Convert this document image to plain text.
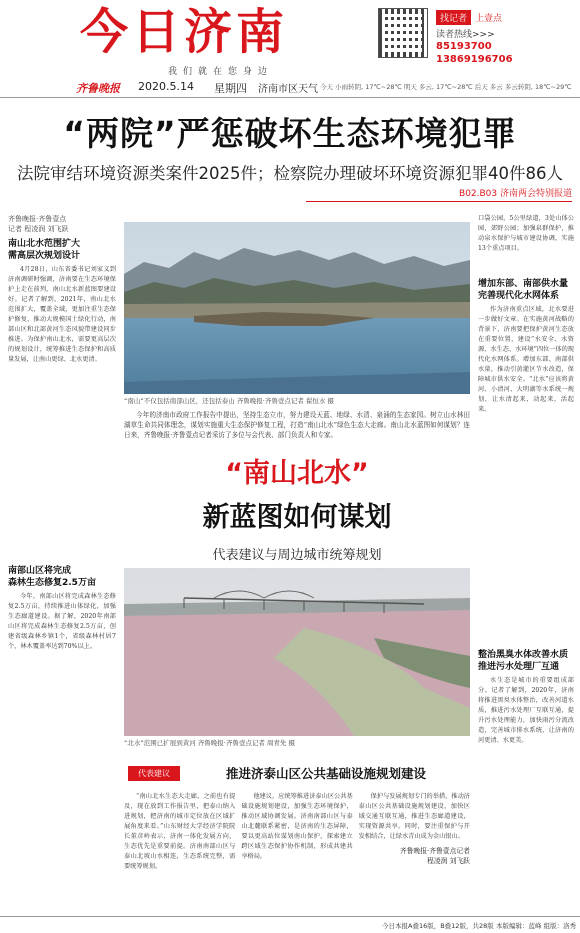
今日济南
我们就在您身边
找记者 上壹点
读者热线>>>
85193700
13869196706
齐鲁晚报 2020.5.14 星期四 济南市区天气 今天 小雨转阴, 17℃~28℃ 明天 多云, 17℃~28℃ 后天 多云 多云转阴, 18℃~29℃
“两院”严惩破坏生态环境犯罪
法院审结环境资源类案件2025件；检察院办理破坏环境资源犯罪40件86人
B02.B03 济南两会特别报道
齐鲁晚报·齐鲁壹点
记者 程凌润 刘飞跃
南山北水范围扩大
需高层次规划设计
4月28日，山东省委书记刘家义到济南调研时强调，济南要在生态环境保护上走在前列，南山北水新蓝图要建设好。记者了解到，2021年，南山北水范围扩大，覆盖全域，更加注重生态保护修复，推动大规模国土绿化行动，南部山区和北部黄河生态风貌带建设同步推进。为保护南山北水，需要更高层次的规划设计，统筹推进生态保护和高质量发展，让南山更绿、北水更清。
南部山区将完成
森林生态修复2.5万亩
今年，南部山区将完成森林生态修复2.5万亩，持续推进山体绿化，加强生态廊道建设。据了解，2020年南部山区将完成森林生态修复2.5万亩，创建省级森林乡镇1个，省级森林村居7个，林木覆盖率达到70%以上。
“南山”不仅包括南部山区，还包括泰山 齐鲁晚报·齐鲁壹点记者 翟恒水 摄
今年的济南市政府工作报告中提出，坚持生态立市，努力建设天蓝、地绿、水清、泉涌的生态家园。树立山水林田湖草生命共同体理念，谋划实施重大生态保护修复工程，打造“南山北水”绿色生态大走廊。南山北水蓝图如何谋划？连日来，齐鲁晚报·齐鲁壹点记者采访了多位与会代表、部门负责人和专家。
“南山北水”
新蓝图如何谋划
代表建议与周边城市统筹规划
“北水”范围已扩展到黄河 齐鲁晚报·齐鲁壹点记者 周青先 摄
代表建议	推进济泰山区公共基础设施规划建设
“南山北水生态大走廊，之前也有提及，现在放到工作报告里，把泰山纳入进规划，把济南的城市定位放在区域扩展角度来看。”山东财经大学经济学院院长董彦岭表示，济南一体化发展方向，生态优先是重要前提。济南南部山区与泰山北坡山水相连，生态系统完整，需要统筹规划。
他建议，应统筹推进济泰山区公共基础设施规划建设，加强生态环境保护，推动区域协调发展。济南南部山区与泰山北麓联系紧密，是济南的生态屏障，要以更高站位谋划南山保护，探索建立跨区域生态保护协作机制，形成共建共享格局。
保护与发展规划专门的举措，推动济泰山区公共基础设施规划建设，加快区域交通互联互通，推进生态廊道建设，实现资源共享。同时，要注重保护与开发相结合，让绿水青山成为金山银山。
齐鲁晚报·齐鲁壹点记者
程凌润 刘飞跃
口袋公园，5公里绿道，3处山体公园，郊野公园；加强泉群保护，推动泉水保护与城市建设协调，实施13个重点项目。
增加东部、南部供水量
完善现代化水网体系
作为济南重点区域，北水要进一步做好文章。在实施黄河战略的背景下，济南要把保护黄河生态放在重要位置，建设“水安全、水资源、水生态、水环境”四位一体的现代化水网体系。增加东部、南部供水量，推动引黄灌区节水改造，保障城市供水安全。“北水”应该将黄河、小清河、大明湖等水系统一规划，让水清起来，动起来，活起来。
整治黑臭水体改善水质
推进污水处理厂互通
水生态是城市的重要组成部分。记者了解到，2020年，济南将推进黑臭水体整治，改善河道水质，推进污水处理厂互联互通，提升污水处理能力，加快雨污分流改造，完善城市排水系统，让济南的河更清、水更美。
今日本报A叠16版，B叠12版，共28版 本版编辑：蓝峰 组版：洛秀
